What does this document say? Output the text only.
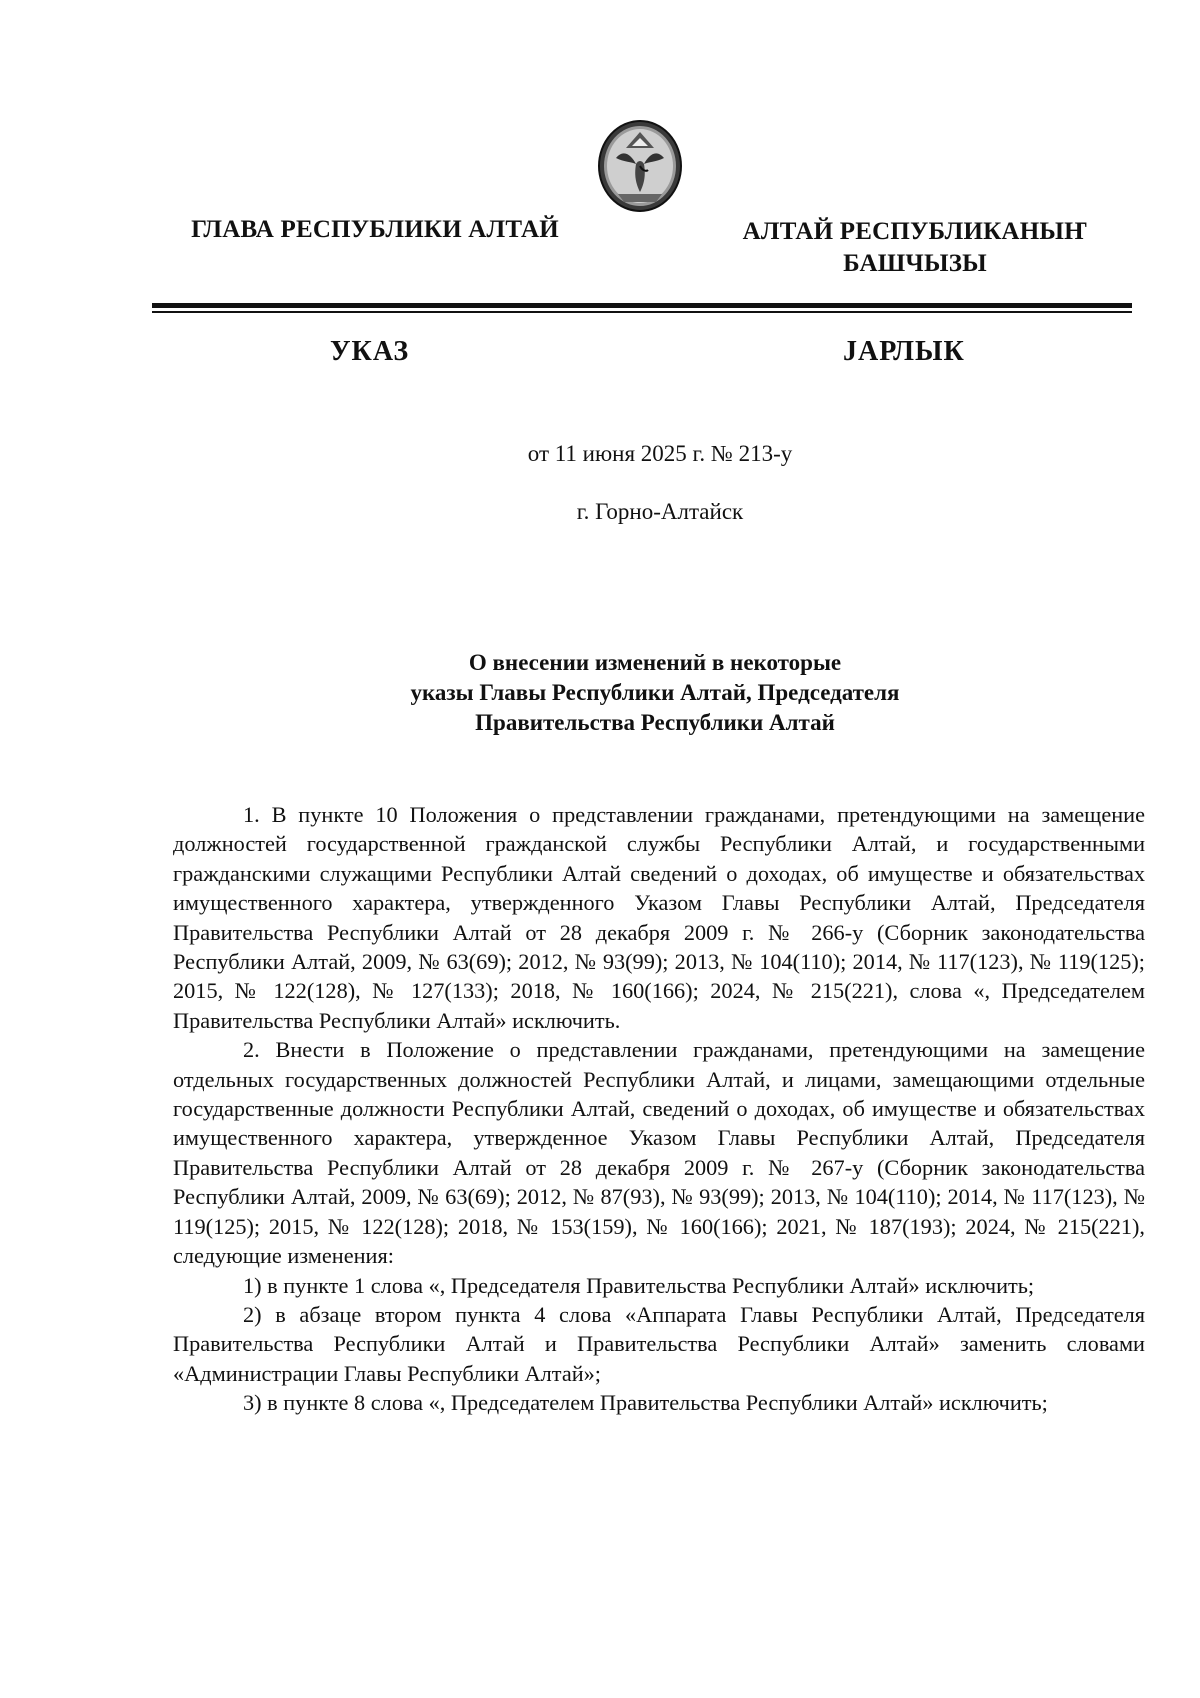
ГЛАВА РЕСПУБЛИКИ АЛТАЙ	АЛТАЙ РЕСПУБЛИКАНЫҤ
БАШЧЫЗЫ
УКАЗ	ЈАРЛЫК
от 11 июня 2025 г. № 213-у
г. Горно-Алтайск
О внесении изменений в некоторые
указы Главы Республики Алтай, Председателя
Правительства Республики Алтай

1. В пункте 10 Положения о представлении гражданами, претендующими на замещение должностей государственной гражданской службы Республики Алтай, и государственными гражданскими служащими Республики Алтай сведений о доходах, об имуществе и обязательствах имущественного характера, утвержденного Указом Главы Республики Алтай, Председателя Правительства Республики Алтай от 28 декабря 2009 г. № 266-у (Сборник законодательства Республики Алтай, 2009, № 63(69); 2012, № 93(99); 2013, № 104(110); 2014, № 117(123), № 119(125); 2015, № 122(128), № 127(133); 2018, № 160(166); 2024, № 215(221), слова «, Председателем Правительства Республики Алтай» исключить.

2. Внести в Положение о представлении гражданами, претендующими на замещение отдельных государственных должностей Республики Алтай, и лицами, замещающими отдельные государственные должности Республики Алтай, сведений о доходах, об имуществе и обязательствах имущественного характера, утвержденное Указом Главы Республики Алтай, Председателя Правительства Республики Алтай от 28 декабря 2009 г. № 267-у (Сборник законодательства Республики Алтай, 2009, № 63(69); 2012, № 87(93), № 93(99); 2013, № 104(110); 2014, № 117(123), № 119(125); 2015, № 122(128); 2018, № 153(159), № 160(166); 2021, № 187(193); 2024, № 215(221), следующие изменения:

1) в пункте 1 слова «, Председателя Правительства Республики Алтай» исключить;

2) в абзаце втором пункта 4 слова «Аппарата Главы Республики Алтай, Председателя Правительства Республики Алтай и Правительства Республики Алтай» заменить словами «Администрации Главы Республики Алтай»;

3) в пункте 8 слова «, Председателем Правительства Республики Алтай» исключить;
